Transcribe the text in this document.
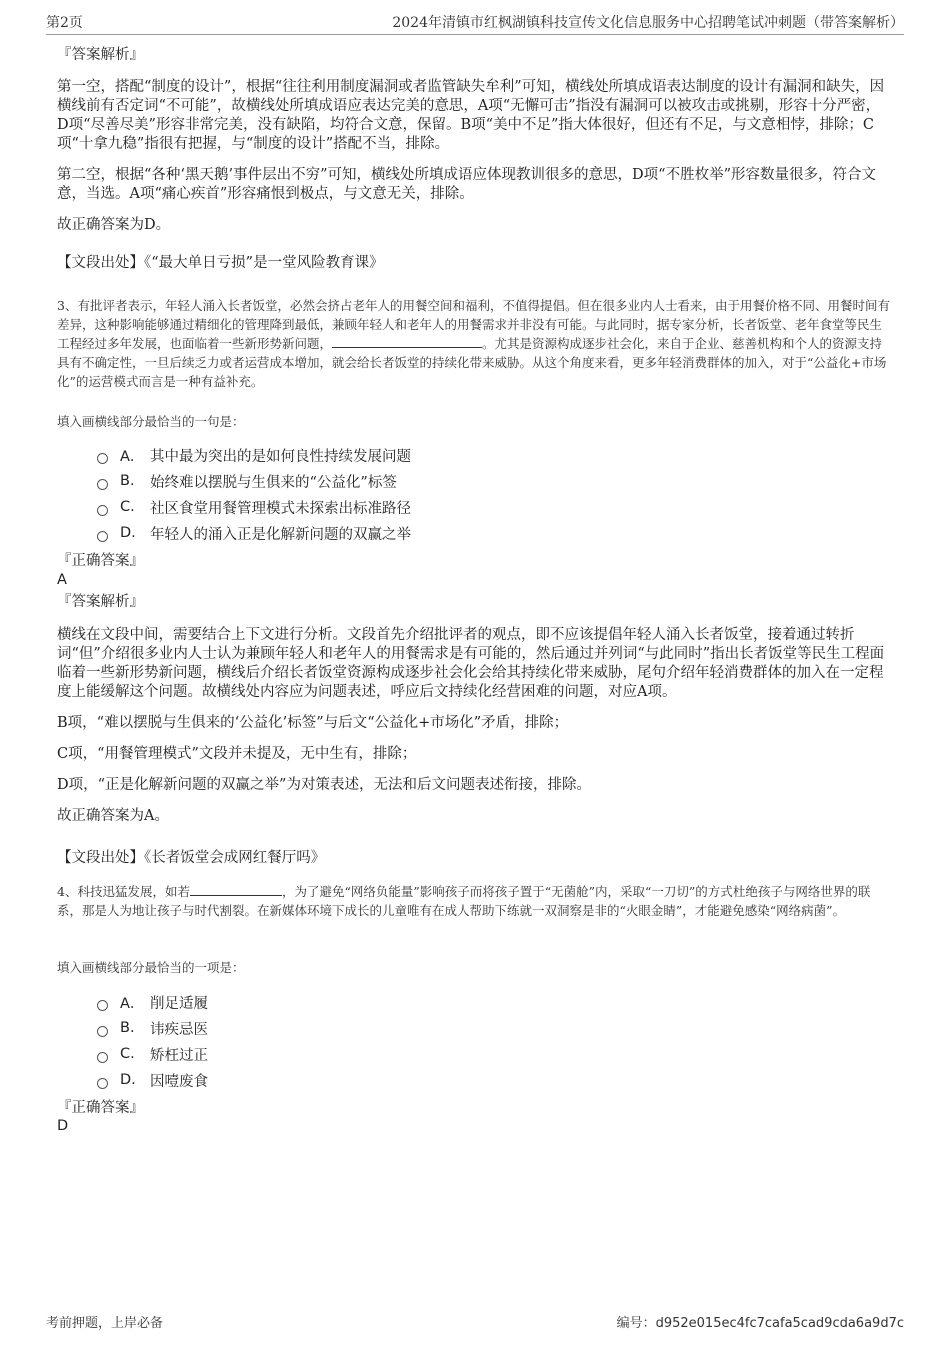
第2页	2024年清镇市红枫湖镇科技宣传文化信息服务中心招聘笔试冲刺题（带答案解析）
『答案解析』

第一空，搭配“制度的设计”，根据“往往利用制度漏洞或者监管缺失牟利”可知，横线处所填成语表达制度的设计有漏洞和缺失，因横线前有否定词“不可能”，故横线处所填成语应表达完美的意思，A项“无懈可击”指没有漏洞可以被攻击或挑剔，形容十分严密，D项“尽善尽美”形容非常完美，没有缺陷，均符合文意，保留。B项“美中不足”指大体很好，但还有不足，与文意相悖，排除；C项“十拿九稳”指很有把握，与“制度的设计”搭配不当，排除。

第二空，根据“各种‘黑天鹅’事件层出不穷”可知，横线处所填成语应体现教训很多的意思，D项“不胜枚举”形容数量很多，符合文意，当选。A项“痛心疾首”形容痛恨到极点，与文意无关，排除。

故正确答案为D。

【文段出处】《“最大单日亏损”是一堂风险教育课》
3、有批评者表示，年轻人涌入长者饭堂，必然会挤占老年人的用餐空间和福利，不值得提倡。但在很多业内人士看来，由于用餐价格不同、用餐时间有差异，这种影响能够通过精细化的管理降到最低，兼顾年轻人和老年人的用餐需求并非没有可能。与此同时，据专家分析，长者饭堂、老年食堂等民生工程经过多年发展，也面临着一些新形势新问题，	。尤其是资源构成逐步社会化，来自于企业、慈善机构和个人的资源支持具有不确定性，一旦后续乏力或者运营成本增加，就会给长者饭堂的持续化带来威胁。从这个角度来看，更多年轻消费群体的加入，对于“公益化+市场化”的运营模式而言是一种有益补充。
填入画横线部分最恰当的一句是：
A． 其中最为突出的是如何良性持续发展问题
B.	始终难以摆脱与生俱来的“公益化”标签
C.	社区食堂用餐管理模式未探索出标准路径
D. 年轻人的涌入正是化解新问题的双赢之举
『正确答案』
A
『答案解析』

横线在文段中间，需要结合上下文进行分析。文段首先介绍批评者的观点，即不应该提倡年轻人涌入长者饭堂，接着通过转折词“但”介绍很多业内人士认为兼顾年轻人和老年人的用餐需求是有可能的，然后通过并列词“与此同时”指出长者饭堂等民生工程面临着一些新形势新问题，横线后介绍长者饭堂资源构成逐步社会化会给其持续化带来威胁，尾句介绍年轻消费群体的加入在一定程度上能缓解这个问题。故横线处内容应为问题表述，呼应后文持续化经营困难的问题，对应A项。

B项，“难以摆脱与生俱来的‘公益化’标签”与后文“公益化+市场化”矛盾，排除；

C项，“用餐管理模式”文段并未提及，无中生有，排除；

D项，“正是化解新问题的双赢之举”为对策表述，无法和后文问题表述衔接，排除。

故正确答案为A。

【文段出处】《长者饭堂会成网红餐厅吗》
4、科技迅猛发展，如若	，为了避免“网络负能量”影响孩子而将孩子置于“无菌舱”内，采取“一刀切”的方式杜绝孩子与网络世界的联系，那是人为地让孩子与时代割裂。在新媒体环境下成长的儿童唯有在成人帮助下练就一双洞察是非的“火眼金睛”，才能避免感染“网络病菌”。
填入画横线部分最恰当的一项是：
A． 削足适履
B.	讳疾忌医
C.	矫枉过正
D. 因噎废食
『正确答案』
D
考前押题，上岸必备	编号：d952e015ec4fc7cafa5cad9cda6a9d7c
